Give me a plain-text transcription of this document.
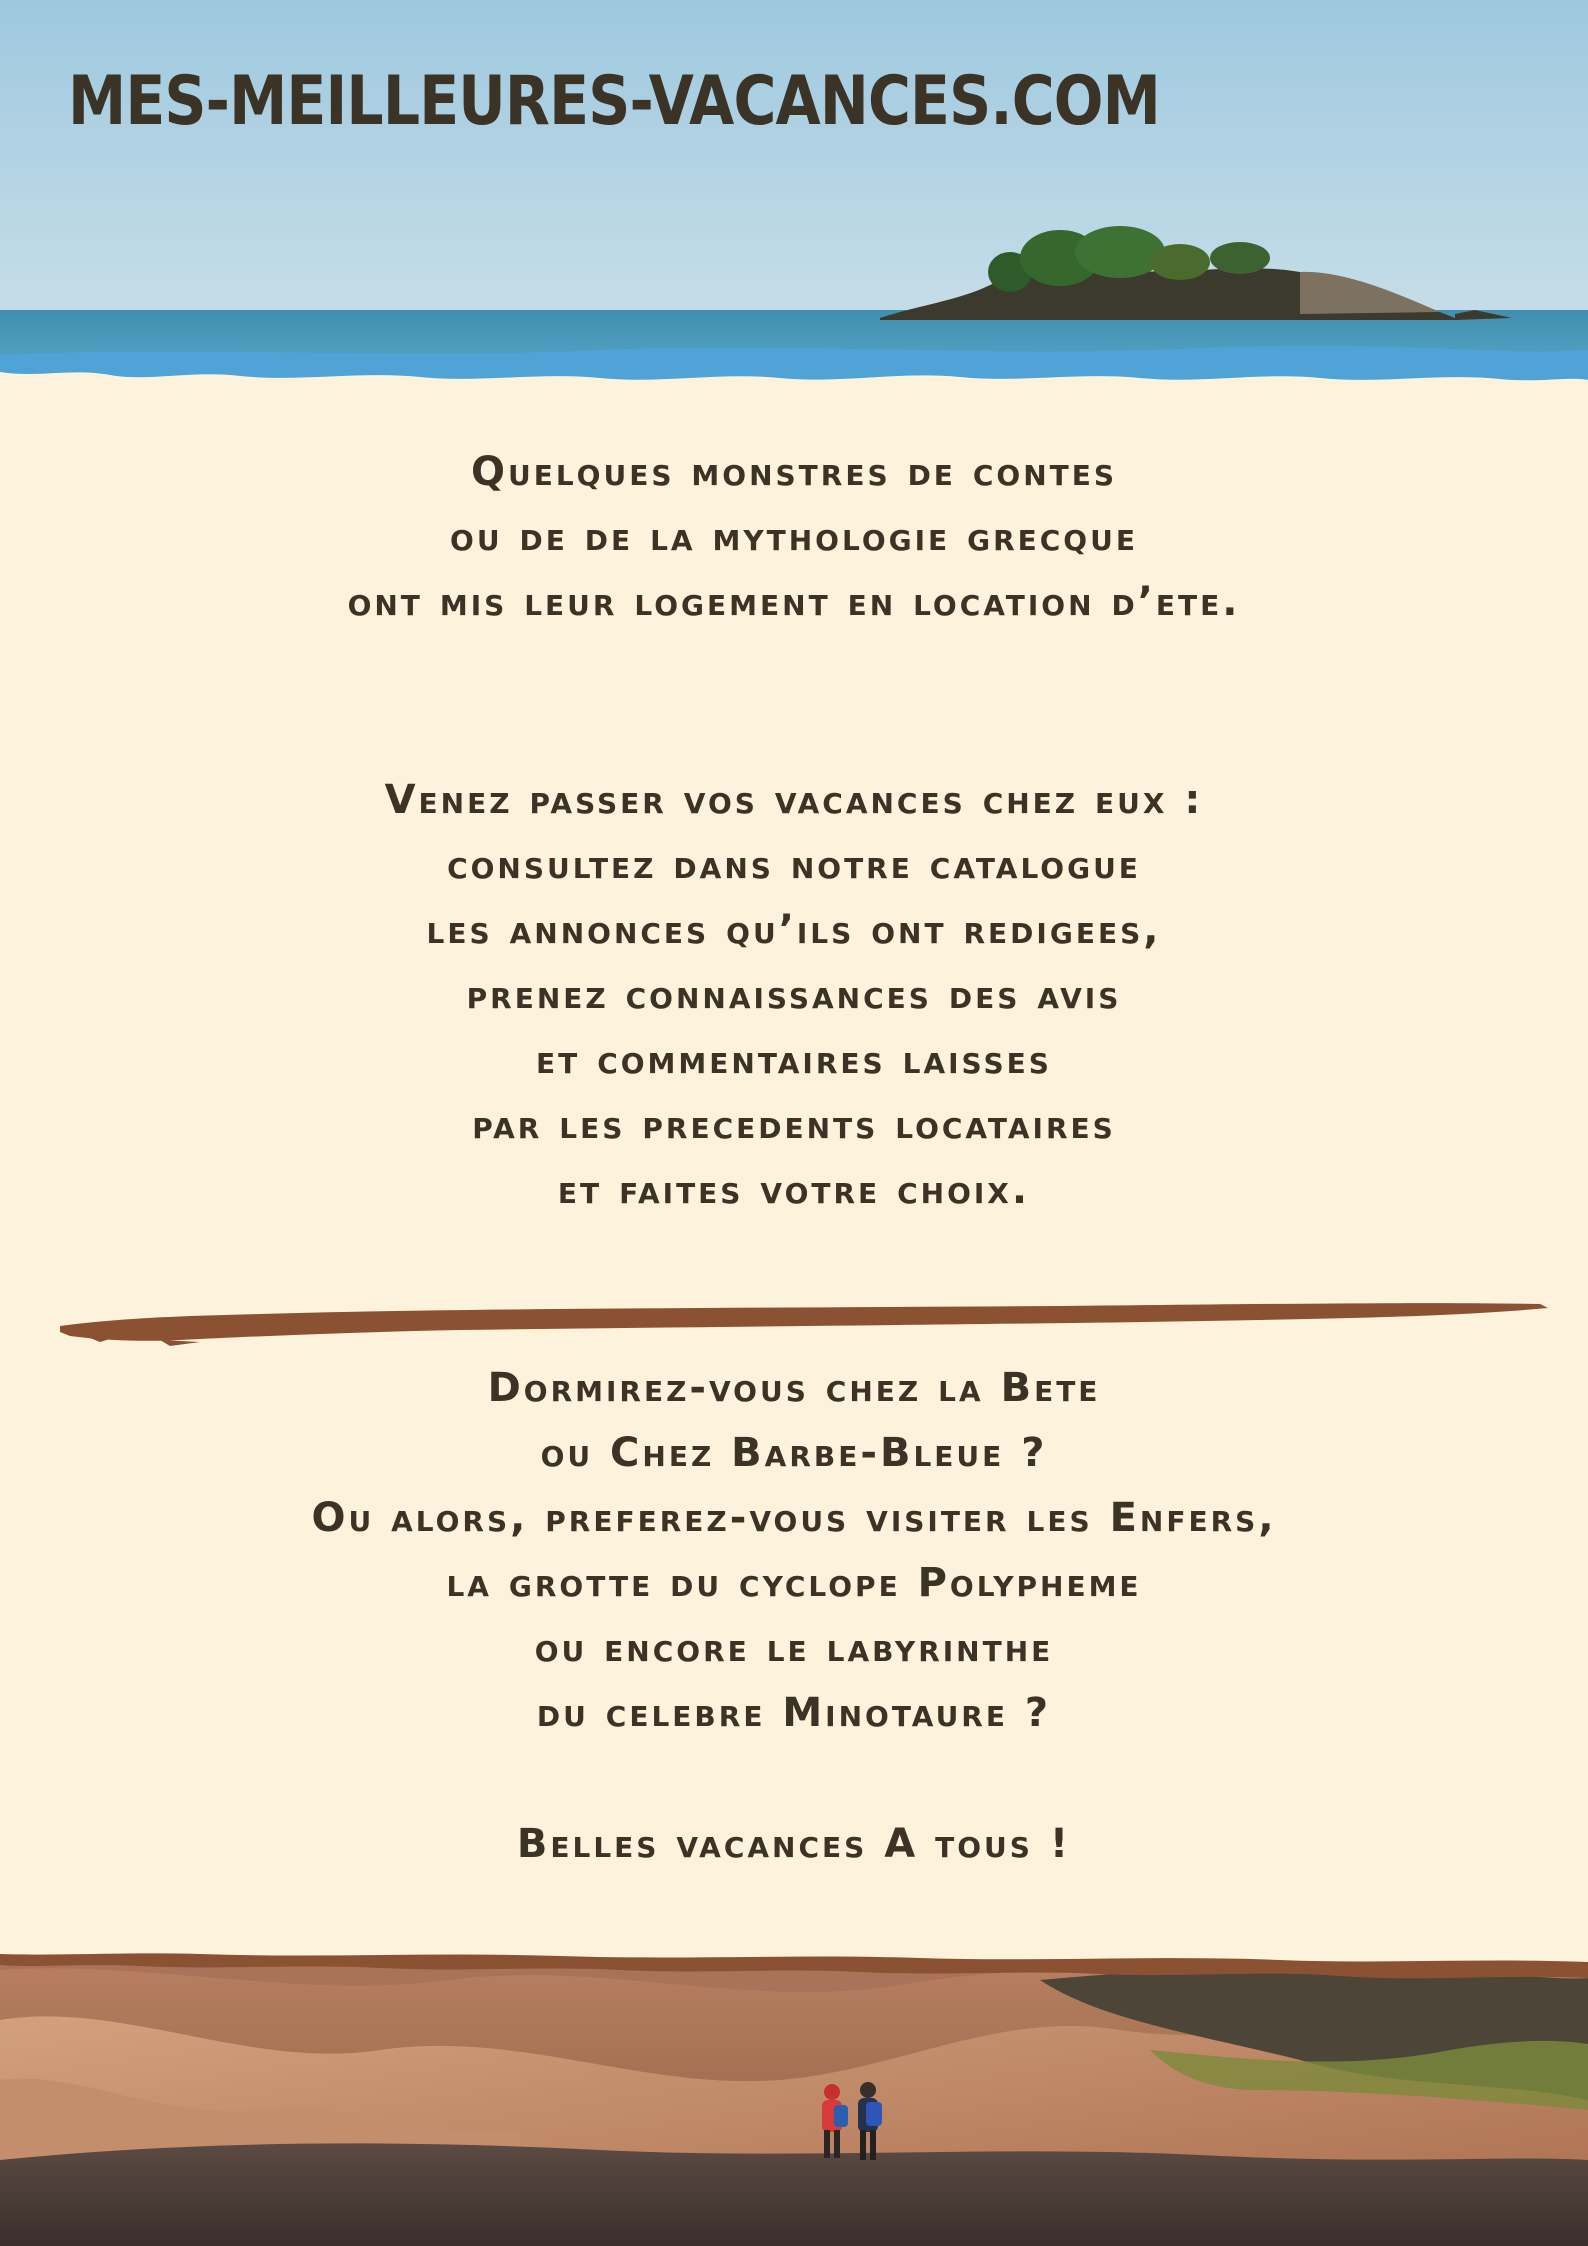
MES-MEILLEURES-VACANCES.COM

Quelques monstres de contes
ou de de la mythologie grecque
ont mis leur logement en location d’ete.

Venez passer vos vacances chez eux :
consultez dans notre catalogue
les annonces qu’ils ont redigees,
prenez connaissances des avis
et commentaires laisses
par les precedents locataires
et faites votre choix.

Dormirez-vous chez la Bete
ou Chez Barbe-Bleue ?
Ou alors, preferez-vous visiter les Enfers,
la grotte du cyclope Polypheme
ou encore le labyrinthe
du celebre Minotaure ?

Belles vacances A tous !
